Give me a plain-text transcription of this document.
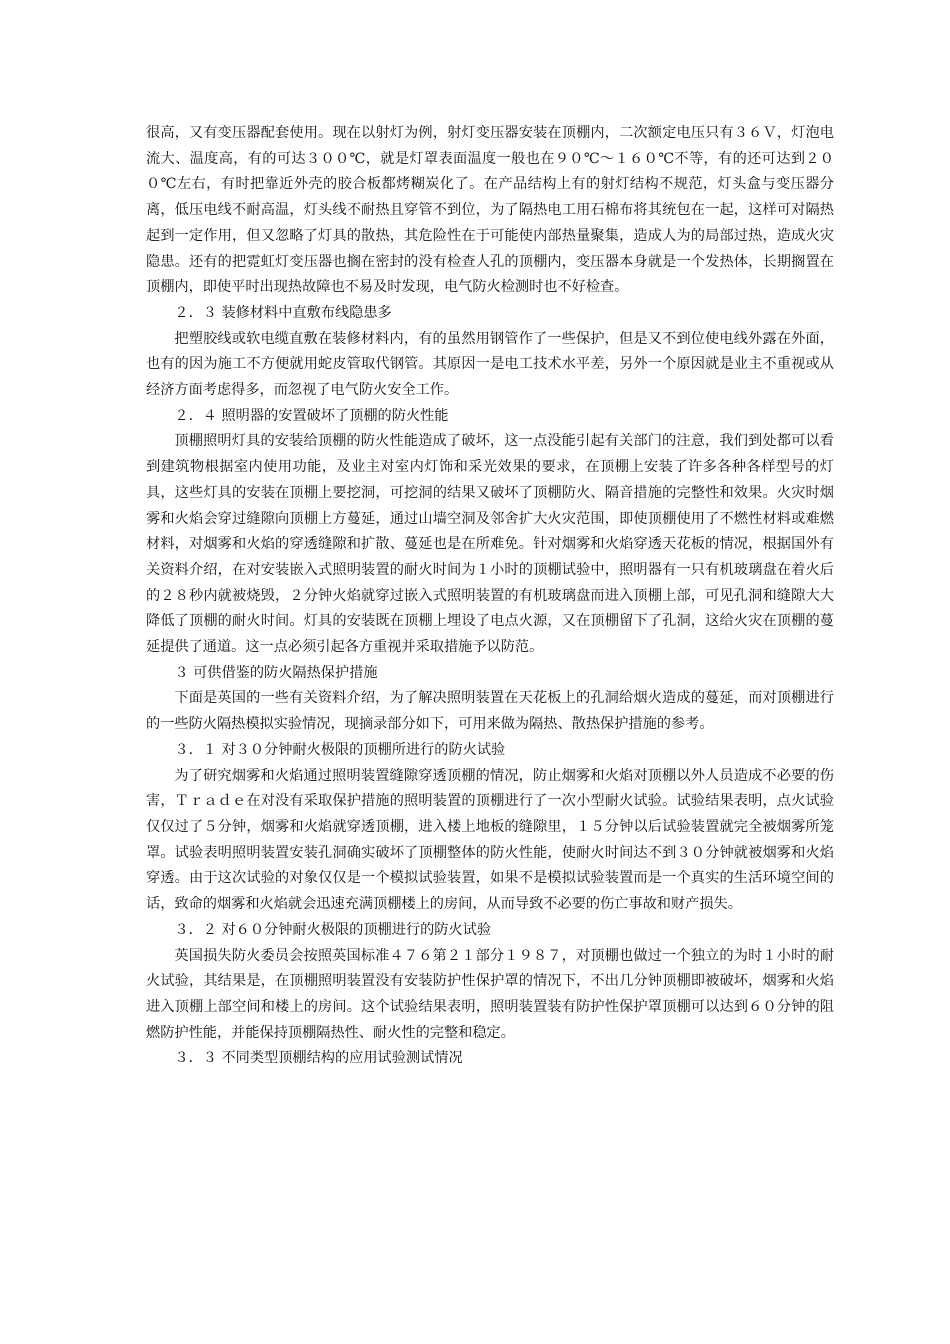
很高，又有变压器配套使用。现在以射灯为例，射灯变压器安装在顶棚内，二次额定电压只有３６Ｖ，灯泡电流大、温度高，有的可达３００℃，就是灯罩表面温度一般也在９０℃～１６０℃不等，有的还可达到２００℃左右，有时把靠近外壳的胶合板都烤糊炭化了。在产品结构上有的射灯结构不规范，灯头盒与变压器分离，低压电线不耐高温，灯头线不耐热且穿管不到位，为了隔热电工用石棉布将其统包在一起，这样可对隔热起到一定作用，但又忽略了灯具的散热，其危险性在于可能使内部热量聚集，造成人为的局部过热，造成火灾隐患。还有的把霓虹灯变压器也搁在密封的没有检查人孔的顶棚内，变压器本身就是一个发热体，长期搁置在顶棚内，即使平时出现热故障也不易及时发现，电气防火检测时也不好检查。

２．３ 装修材料中直敷布线隐患多

把塑胶线或软电缆直敷在装修材料内，有的虽然用钢管作了一些保护，但是又不到位使电线外露在外面，也有的因为施工不方便就用蛇皮管取代钢管。其原因一是电工技术水平差，另外一个原因就是业主不重视或从经济方面考虑得多，而忽视了电气防火安全工作。

２．４ 照明器的安置破坏了顶棚的防火性能

顶棚照明灯具的安装给顶棚的防火性能造成了破坏，这一点没能引起有关部门的注意，我们到处都可以看到建筑物根据室内使用功能，及业主对室内灯饰和采光效果的要求，在顶棚上安装了许多各种各样型号的灯具，这些灯具的安装在顶棚上要挖洞，可挖洞的结果又破坏了顶棚防火、隔音措施的完整性和效果。火灾时烟雾和火焰会穿过缝隙向顶棚上方蔓延，通过山墙空洞及邻舍扩大火灾范围，即使顶棚使用了不燃性材料或难燃材料，对烟雾和火焰的穿透缝隙和扩散、蔓延也是在所难免。针对烟雾和火焰穿透天花板的情况，根据国外有关资料介绍，在对安装嵌入式照明装置的耐火时间为１小时的顶棚试验中，照明器有一只有机玻璃盘在着火后的２８秒内就被烧毁，２分钟火焰就穿过嵌入式照明装置的有机玻璃盘而进入顶棚上部，可见孔洞和缝隙大大降低了顶棚的耐火时间。灯具的安装既在顶棚上埋设了电点火源，又在顶棚留下了孔洞，这给火灾在顶棚的蔓延提供了通道。这一点必须引起各方重视并采取措施予以防范。

３ 可供借鉴的防火隔热保护措施

下面是英国的一些有关资料介绍，为了解决照明装置在天花板上的孔洞给烟火造成的蔓延，而对顶棚进行的一些防火隔热模拟实验情况，现摘录部分如下，可用来做为隔热、散热保护措施的参考。

３．１ 对３０分钟耐火极限的顶棚所进行的防火试验

为了研究烟雾和火焰通过照明装置缝隙穿透顶棚的情况，防止烟雾和火焰对顶棚以外人员造成不必要的伤害，Ｔｒａｄｅ在对没有采取保护措施的照明装置的顶棚进行了一次小型耐火试验。试验结果表明，点火试验仅仅过了５分钟，烟雾和火焰就穿透顶棚，进入楼上地板的缝隙里，１５分钟以后试验装置就完全被烟雾所笼罩。试验表明照明装置安装孔洞确实破坏了顶棚整体的防火性能，使耐火时间达不到３０分钟就被烟雾和火焰穿透。由于这次试验的对象仅仅是一个模拟试验装置，如果不是模拟试验装置而是一个真实的生活环境空间的话，致命的烟雾和火焰就会迅速充满顶棚楼上的房间，从而导致不必要的伤亡事故和财产损失。

３．２ 对６０分钟耐火极限的顶棚进行的防火试验

英国损失防火委员会按照英国标准４７６第２１部分１９８７，对顶棚也做过一个独立的为时１小时的耐火试验，其结果是，在顶棚照明装置没有安装防护性保护罩的情况下，不出几分钟顶棚即被破坏，烟雾和火焰进入顶棚上部空间和楼上的房间。这个试验结果表明，照明装置装有防护性保护罩顶棚可以达到６０分钟的阻燃防护性能，并能保持顶棚隔热性、耐火性的完整和稳定。

３．３ 不同类型顶棚结构的应用试验测试情况
